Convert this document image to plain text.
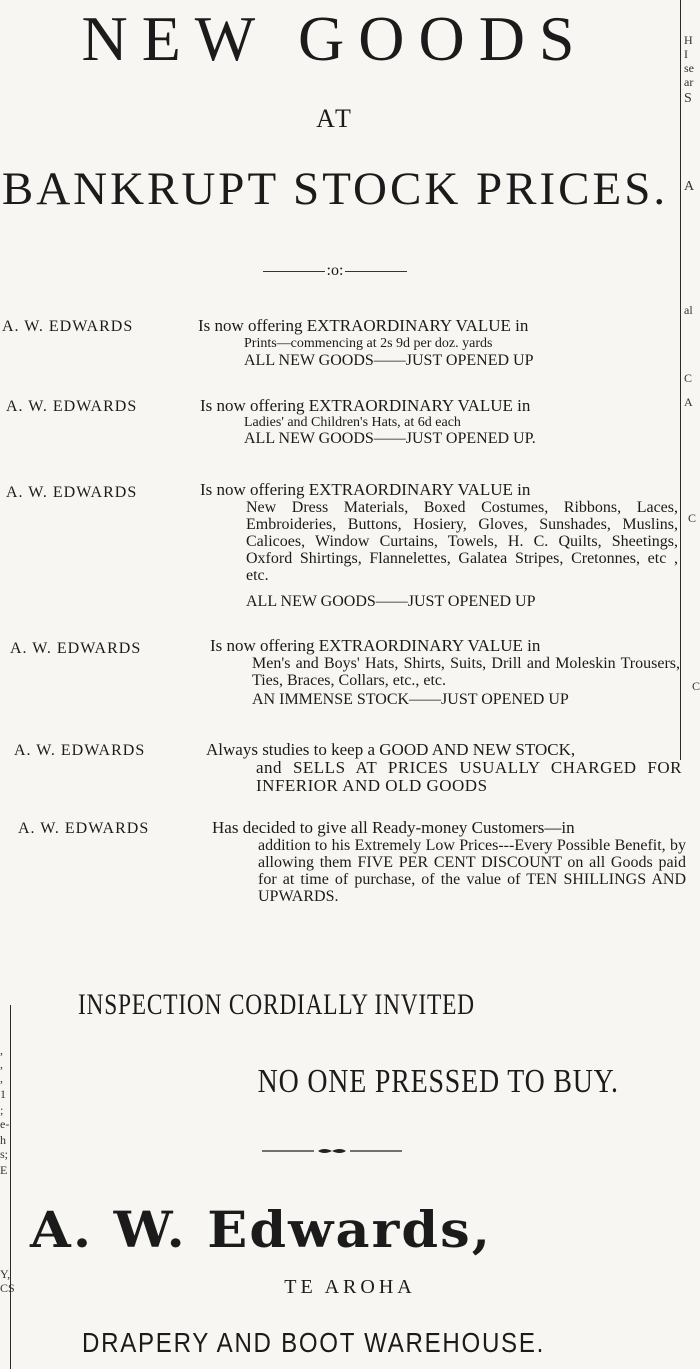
H
I
se
ar
S
A
al
C
A
C
C
,
,
,
1
;
e-
h
s;
Y,
CS
E
NEW GOODS
AT
BANKRUPT STOCK PRICES.
:o:
A. W. EDWARDS	Is now offering EXTRAORDINARY VALUE in
Prints—commencing at 2s 9d per doz. yards
ALL NEW GOODS——JUST OPENED UP
A. W. EDWARDS	Is now offering EXTRAORDINARY VALUE in
Ladies' and Children's Hats, at 6d each
ALL NEW GOODS——JUST OPENED UP.
A. W. EDWARDS	Is now offering EXTRAORDINARY VALUE in
New Dress Materials, Boxed Costumes, Ribbons, Laces, Embroideries, Buttons, Hosiery, Gloves, Sunshades, Muslins, Calicoes, Window Curtains, Towels, H. C. Quilts, Sheetings, Oxford Shirtings, Flannelettes, Galatea Stripes, Cretonnes, etc , etc.
ALL NEW GOODS——JUST OPENED UP
A. W. EDWARDS	Is now offering EXTRAORDINARY VALUE in
Men's and Boys' Hats, Shirts, Suits, Drill and Moleskin Trousers, Ties, Braces, Collars, etc., etc.
AN IMMENSE STOCK——JUST OPENED UP
A. W. EDWARDS	Always studies to keep a GOOD AND NEW STOCK,
and SELLS AT PRICES USUALLY CHARGED FOR INFERIOR AND OLD GOODS
A. W. EDWARDS	Has decided to give all Ready-money Customers—in
addition to his Extremely Low Prices---Every Possible Benefit, by allowing them FIVE PER CENT DISCOUNT on all Goods paid for at time of purchase, of the value of TEN SHILLINGS AND UPWARDS.
INSPECTION CORDIALLY INVITED
NO ONE PRESSED TO BUY.
A. W. Edwards,
TE AROHA
DRAPERY AND BOOT WAREHOUSE.
